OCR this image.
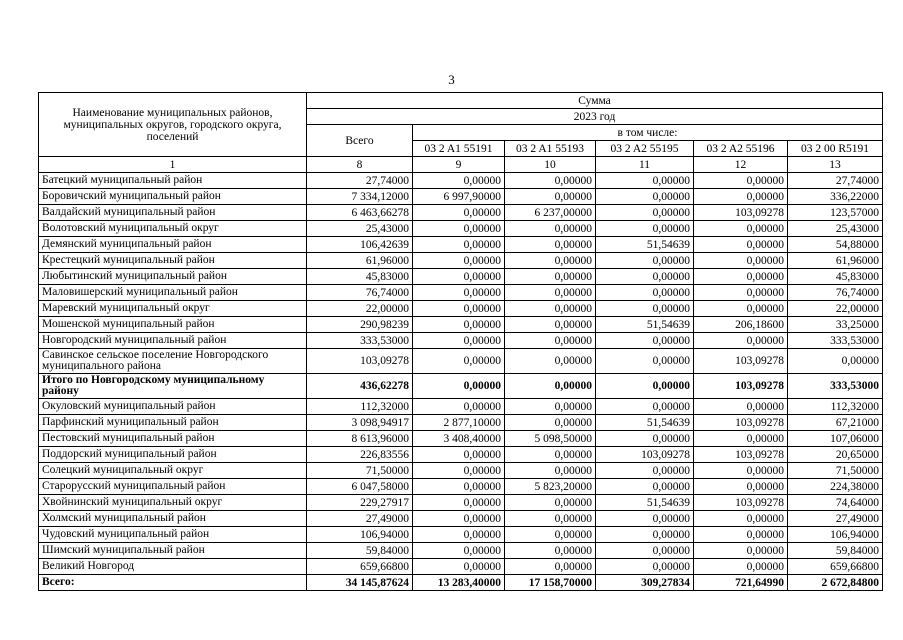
3
Наименование муниципальных районов, муниципальных округов, городского округа, поселений	Сумма					
	2023 год					
	Всего	в том числе:				
		03 2 A1 55191	03 2 A1 55193	03 2 A2 55195	03 2 A2 55196	03 2 00 R5191
1	8	9	10	11	12	13
Батецкий муниципальный район	27,74000	0,00000	0,00000	0,00000	0,00000	27,74000
Боровичский муниципальный район	7 334,12000	6 997,90000	0,00000	0,00000	0,00000	336,22000
Валдайский муниципальный район	6 463,66278	0,00000	6 237,00000	0,00000	103,09278	123,57000
Волотовский муниципальный округ	25,43000	0,00000	0,00000	0,00000	0,00000	25,43000
Демянский муниципальный район	106,42639	0,00000	0,00000	51,54639	0,00000	54,88000
Крестецкий муниципальный район	61,96000	0,00000	0,00000	0,00000	0,00000	61,96000
Любытинский муниципальный район	45,83000	0,00000	0,00000	0,00000	0,00000	45,83000
Маловишерский муниципальный район	76,74000	0,00000	0,00000	0,00000	0,00000	76,74000
Маревский муниципальный округ	22,00000	0,00000	0,00000	0,00000	0,00000	22,00000
Мошенской муниципальный район	290,98239	0,00000	0,00000	51,54639	206,18600	33,25000
Новгородский муниципальный район	333,53000	0,00000	0,00000	0,00000	0,00000	333,53000
Савинское сельское поселение Новгородского муниципального района	103,09278	0,00000	0,00000	0,00000	103,09278	0,00000
Итого по Новгородскому муниципальному району	436,62278	0,00000	0,00000	0,00000	103,09278	333,53000
Окуловский муниципальный район	112,32000	0,00000	0,00000	0,00000	0,00000	112,32000
Парфинский муниципальный район	3 098,94917	2 877,10000	0,00000	51,54639	103,09278	67,21000
Пестовский муниципальный район	8 613,96000	3 408,40000	5 098,50000	0,00000	0,00000	107,06000
Поддорский муниципальный район	226,83556	0,00000	0,00000	103,09278	103,09278	20,65000
Солецкий муниципальный округ	71,50000	0,00000	0,00000	0,00000	0,00000	71,50000
Старорусский муниципальный район	6 047,58000	0,00000	5 823,20000	0,00000	0,00000	224,38000
Хвойнинский муниципальный округ	229,27917	0,00000	0,00000	51,54639	103,09278	74,64000
Холмский муниципальный район	27,49000	0,00000	0,00000	0,00000	0,00000	27,49000
Чудовский муниципальный район	106,94000	0,00000	0,00000	0,00000	0,00000	106,94000
Шимский муниципальный район	59,84000	0,00000	0,00000	0,00000	0,00000	59,84000
Великий Новгород	659,66800	0,00000	0,00000	0,00000	0,00000	659,66800
Всего:	34 145,87624	13 283,40000	17 158,70000	309,27834	721,64990	2 672,84800
